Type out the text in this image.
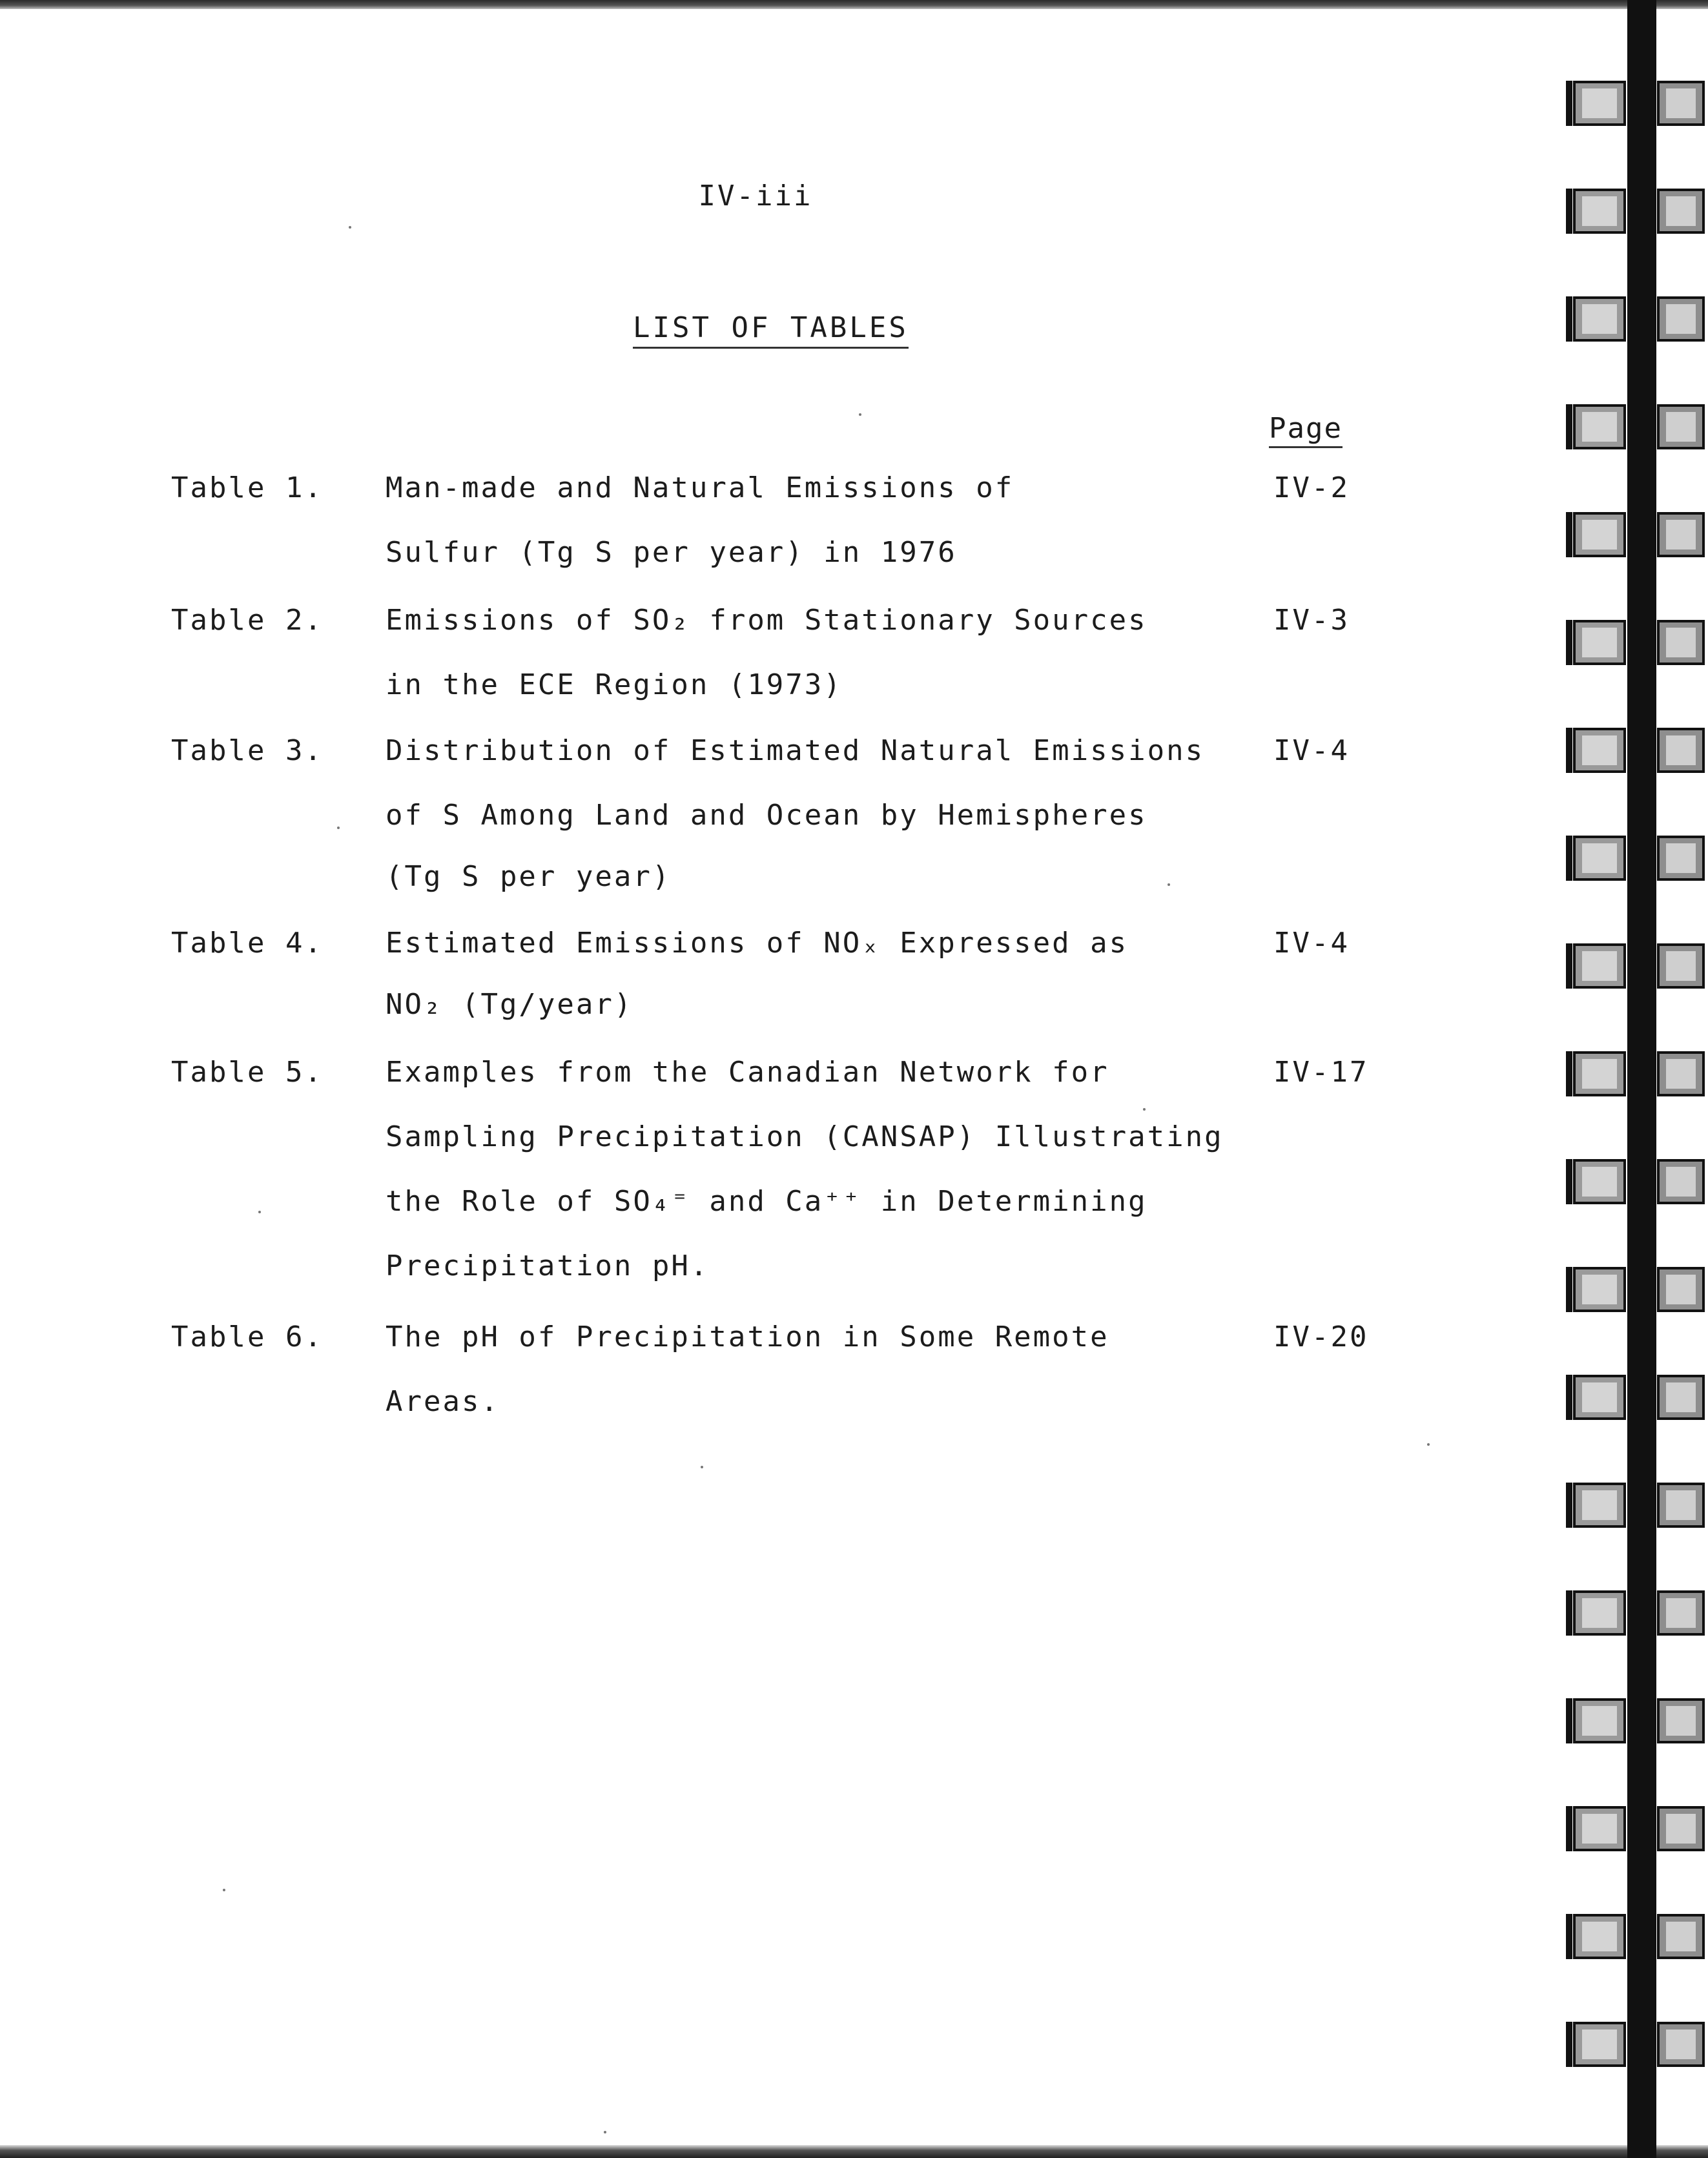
IV-iii
LIST OF TABLES
Page
Table 1. Man-made and Natural Emissions of
Sulfur (Tg S per year) in 1976
IV-2
Table 2. Emissions of SO₂ from Stationary Sources
in the ECE Region (1973)
IV-3
Table 3. Distribution of Estimated Natural Emissions
of S Among Land and Ocean by Hemispheres
(Tg S per year)
IV-4
Table 4. Estimated Emissions of NOₓ Expressed as
NO₂ (Tg/year)
IV-4
Table 5. Examples from the Canadian Network for
Sampling Precipitation (CANSAP) Illustrating
the Role of SO₄⁼ and Ca⁺⁺ in Determining
Precipitation pH.
IV-17
Table 6. The pH of Precipitation in Some Remote
Areas.
IV-20
